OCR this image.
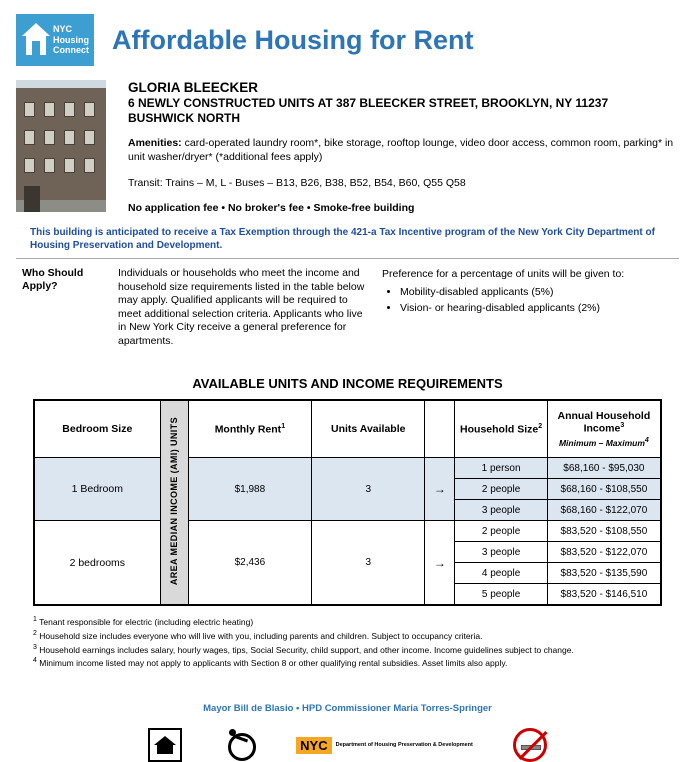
NYC
Housing
Connect Affordable Housing for Rent
GLORIA BLEECKER
6 NEWLY CONSTRUCTED UNITS AT 387 BLEECKER STREET, BROOKLYN, NY 11237
BUSHWICK NORTH
Amenities: card-operated laundry room*, bike storage, rooftop lounge, video door access, common room, parking* in unit washer/dryer* (*additional fees apply)
Transit: Trains – M, L - Buses – B13, B26, B38, B52, B54, B60, Q55 Q58
No application fee • No broker's fee • Smoke-free building
This building is anticipated to receive a Tax Exemption through the 421-a Tax Incentive program of the New York City Department of Housing Preservation and Development.
Who Should Apply?
Individuals or households who meet the income and household size requirements listed in the table below may apply. Qualified applicants will be required to meet additional selection criteria. Applicants who live in New York City receive a general preference for apartments.
Preference for a percentage of units will be given to:
• Mobility-disabled applicants (5%)
• Vision- or hearing-disabled applicants (2%)
AVAILABLE UNITS AND INCOME REQUIREMENTS
Bedroom Size	AREA MEDIAN INCOME (AMI) UNITS	Monthly Rent$^1$	Units Available		Household Size$^2$	Annual Household Income$^3$
Minimum – Maximum$^4$

1 Bedroom		$1,988	3	→	1 person	$68,160 - $95,030
					2 people	$68,160 - $108,550
					3 people	$68,160 - $122,070
2 bedrooms		$2,436	3	→	2 people	$83,520 - $108,550
					3 people	$83,520 - $122,070
					4 people	$83,520 - $135,590
					5 people	$83,520 - $146,510
$^1$ Tenant responsible for electric (including electric heating)
$^2$ Household size includes everyone who will live with you, including parents and children. Subject to occupancy criteria.
$^3$ Household earnings includes salary, hourly wages, tips, Social Security, child support, and other income. Income guidelines subject to change.
$^4$ Minimum income listed may not apply to applicants with Section 8 or other qualifying rental subsidies. Asset limits also apply.
Mayor Bill de Blasio • HPD Commissioner Maria Torres-Springer
NYC	Department of Housing Preservation & Development
